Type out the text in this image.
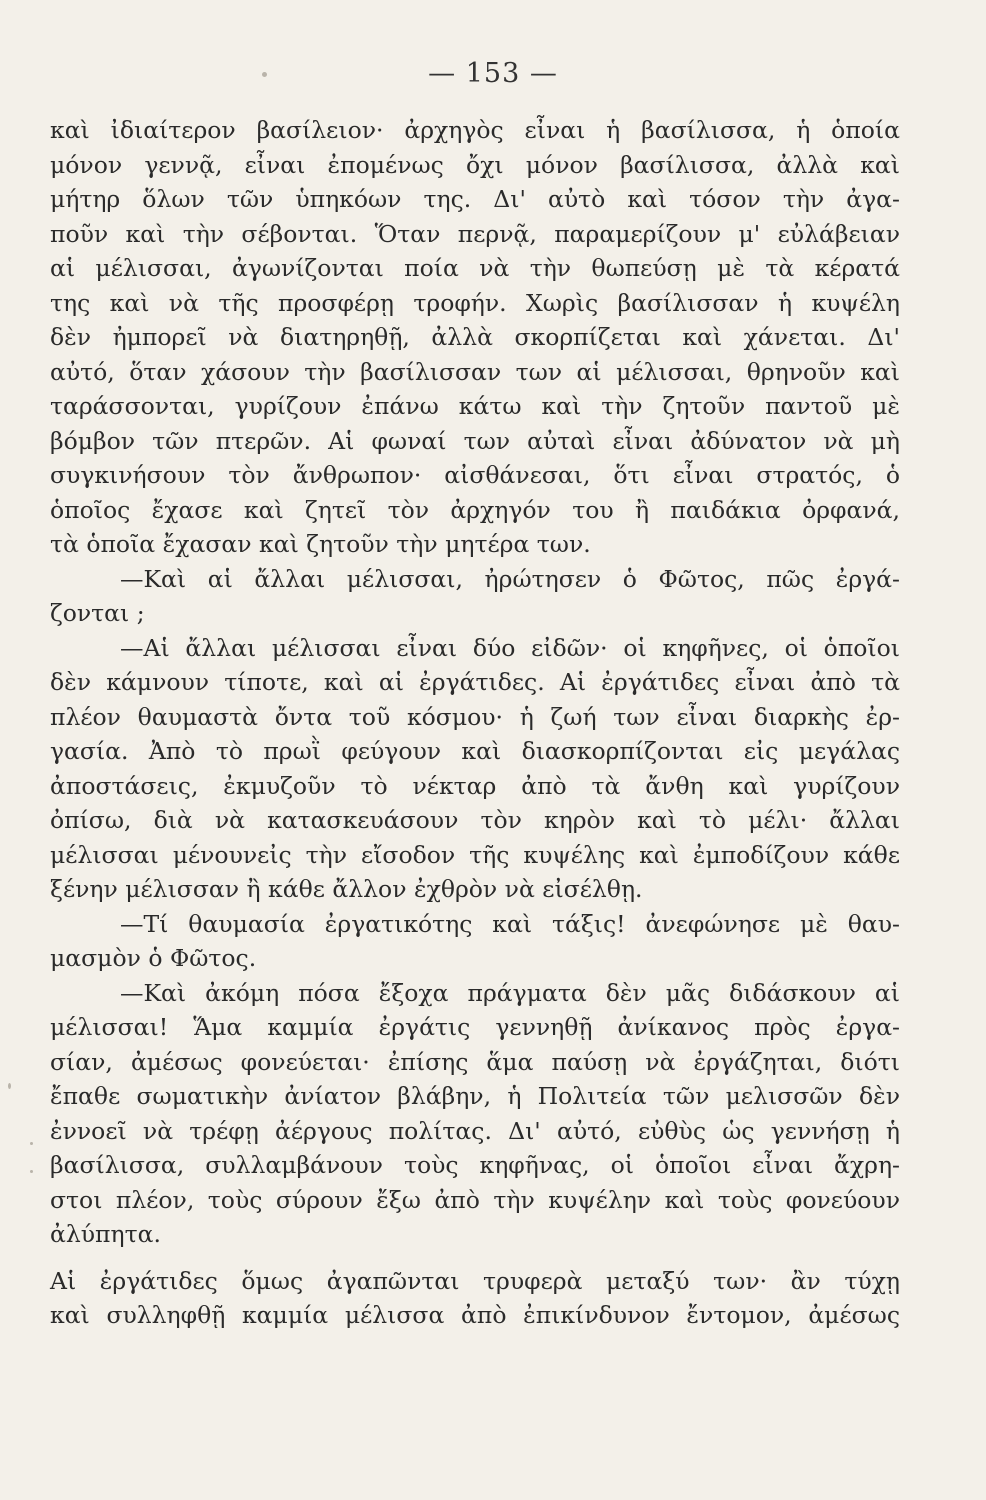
— 153 —
καὶ ἰδιαίτερον βασίλειον· ἀρχηγὸς εἶναι ἡ βασίλισσα, ἡ ὁποία
μόνον γεννᾷ, εἶναι ἐπομένως ὄχι μόνον βασίλισσα, ἀλλὰ καὶ
μήτηρ ὅλων τῶν ὑπηκόων της. Δι' αὐτὸ καὶ τόσον τὴν ἀγα-
ποῦν καὶ τὴν σέβονται. Ὅταν περνᾷ, παραμερίζουν μ' εὐλάβειαν
αἱ μέλισσαι, ἀγωνίζονται ποία νὰ τὴν θωπεύσῃ μὲ τὰ κέρατά
της καὶ νὰ τῆς προσφέρῃ τροφήν. Χωρὶς βασίλισσαν ἡ κυψέλη
δὲν ἠμπορεῖ νὰ διατηρηθῇ, ἀλλὰ σκορπίζεται καὶ χάνεται. Δι'
αὐτό, ὅταν χάσουν τὴν βασίλισσαν των αἱ μέλισσαι, θρηνοῦν καὶ
ταράσσονται, γυρίζουν ἐπάνω κάτω καὶ τὴν ζητοῦν παντοῦ μὲ
βόμβον τῶν πτερῶν. Αἱ φωναί των αὐταὶ εἶναι ἀδύνατον νὰ μὴ
συγκινήσουν τὸν ἄνθρωπον· αἰσθάνεσαι, ὅτι εἶναι στρατός, ὁ
ὁποῖος ἔχασε καὶ ζητεῖ τὸν ἀρχηγόν του ἢ παιδάκια ὀρφανά,
τὰ ὁποῖα ἔχασαν καὶ ζητοῦν τὴν μητέρα των.
—Καὶ αἱ ἄλλαι μέλισσαι, ἠρώτησεν ὁ Φῶτος, πῶς ἐργά-
ζονται ;
—Αἱ ἄλλαι μέλισσαι εἶναι δύο εἰδῶν· οἱ κηφῆνες, οἱ ὁποῖοι
δὲν κάμνουν τίποτε, καὶ αἱ ἐργάτιδες. Αἱ ἐργάτιδες εἶναι ἀπὸ τὰ
πλέον θαυμαστὰ ὄντα τοῦ κόσμου· ἡ ζωή των εἶναι διαρκὴς ἐρ-
γασία. Ἀπὸ τὸ πρωῒ φεύγουν καὶ διασκορπίζονται εἰς μεγάλας
ἀποστάσεις, ἐκμυζοῦν τὸ νέκταρ ἀπὸ τὰ ἄνθη καὶ γυρίζουν
ὀπίσω, διὰ νὰ κατασκευάσουν τὸν κηρὸν καὶ τὸ μέλι· ἄλλαι
μέλισσαι μένουνεἰς τὴν εἴσοδον τῆς κυψέλης καὶ ἐμποδίζουν κάθε
ξένην μέλισσαν ἢ κάθε ἄλλον ἐχθρὸν νὰ εἰσέλθῃ.
—Τί θαυμασία ἐργατικότης καὶ τάξις! ἀνεφώνησε μὲ θαυ-
μασμὸν ὁ Φῶτος.
—Καὶ ἀκόμη πόσα ἔξοχα πράγματα δὲν μᾶς διδάσκουν αἱ
μέλισσαι! Ἅμα καμμία ἐργάτις γεννηθῇ ἀνίκανος πρὸς ἐργα-
σίαν, ἀμέσως φονεύεται· ἐπίσης ἅμα παύσῃ νὰ ἐργάζηται, διότι
ἔπαθε σωματικὴν ἀνίατον βλάβην, ἡ Πολιτεία τῶν μελισσῶν δὲν
ἐννοεῖ νὰ τρέφῃ ἀέργους πολίτας. Δι' αὐτό, εὐθὺς ὡς γεννήσῃ ἡ
βασίλισσα, συλλαμβάνουν τοὺς κηφῆνας, οἱ ὁποῖοι εἶναι ἄχρη-
στοι πλέον, τοὺς σύρουν ἔξω ἀπὸ τὴν κυψέλην καὶ τοὺς φονεύουν
ἀλύπητα.
Αἱ ἐργάτιδες ὅμως ἀγαπῶνται τρυφερὰ μεταξύ των· ἂν τύχῃ
καὶ συλληφθῇ καμμία μέλισσα ἀπὸ ἐπικίνδυνον ἔντομον, ἀμέσως
